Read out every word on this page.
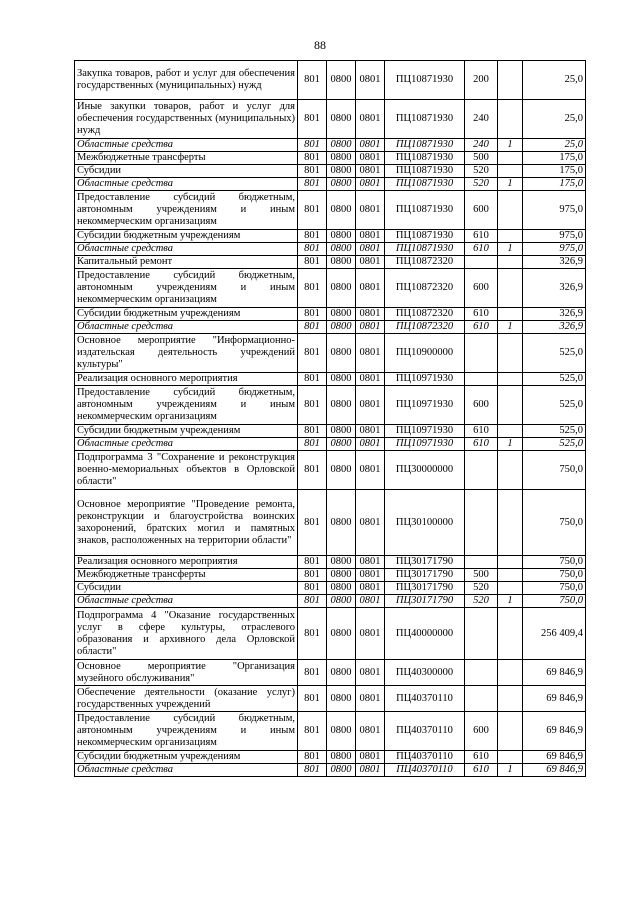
88
Закупка товаров, работ и услуг для обеспечения государственных (муниципальных) нужд	801	0800	0801	ПЦ10871930	200		25,0
Иные закупки товаров, работ и услуг для обеспечения государственных (муниципальных) нужд	801	0800	0801	ПЦ10871930	240		25,0
Областные средства	801	0800	0801	ПЦ10871930	240	1	25,0
Межбюджетные трансферты	801	0800	0801	ПЦ10871930	500		175,0
Субсидии	801	0800	0801	ПЦ10871930	520		175,0
Областные средства	801	0800	0801	ПЦ10871930	520	1	175,0
Предоставление субсидий бюджетным, автономным учреждениям и иным некоммерческим организациям	801	0800	0801	ПЦ10871930	600		975,0
Субсидии бюджетным учреждениям	801	0800	0801	ПЦ10871930	610		975,0
Областные средства	801	0800	0801	ПЦ10871930	610	1	975,0
Капитальный ремонт	801	0800	0801	ПЦ10872320			326,9
Предоставление субсидий бюджетным, автономным учреждениям и иным некоммерческим организациям	801	0800	0801	ПЦ10872320	600		326,9
Субсидии бюджетным учреждениям	801	0800	0801	ПЦ10872320	610		326,9
Областные средства	801	0800	0801	ПЦ10872320	610	1	326,9
Основное мероприятие "Информационно-издательская деятельность учреждений культуры"	801	0800	0801	ПЦ10900000			525,0
Реализация основного мероприятия	801	0800	0801	ПЦ10971930			525,0
Предоставление субсидий бюджетным, автономным учреждениям и иным некоммерческим организациям	801	0800	0801	ПЦ10971930	600		525,0
Субсидии бюджетным учреждениям	801	0800	0801	ПЦ10971930	610		525,0
Областные средства	801	0800	0801	ПЦ10971930	610	1	525,0
Подпрограмма 3 "Сохранение и реконструкция военно-мемориальных объектов в Орловской области"	801	0800	0801	ПЦ30000000			750,0
Основное мероприятие "Проведение ремонта, реконструкции и благоустройства воинских захоронений, братских могил и памятных знаков, расположенных на территории области"	801	0800	0801	ПЦ30100000			750,0
Реализация основного мероприятия	801	0800	0801	ПЦ30171790			750,0
Межбюджетные трансферты	801	0800	0801	ПЦ30171790	500		750,0
Субсидии	801	0800	0801	ПЦ30171790	520		750,0
Областные средства	801	0800	0801	ПЦ30171790	520	1	750,0
Подпрограмма 4 "Оказание государственных услуг в сфере культуры, отраслевого образования и архивного дела Орловской области"	801	0800	0801	ПЦ40000000			256 409,4
Основное мероприятие "Организация музейного обслуживания"	801	0800	0801	ПЦ40300000			69 846,9
Обеспечение деятельности (оказание услуг) государственных учреждений	801	0800	0801	ПЦ40370110			69 846,9
Предоставление субсидий бюджетным, автономным учреждениям и иным некоммерческим организациям	801	0800	0801	ПЦ40370110	600		69 846,9
Субсидии бюджетным учреждениям	801	0800	0801	ПЦ40370110	610		69 846,9
Областные средства	801	0800	0801	ПЦ40370110	610	1	69 846,9
